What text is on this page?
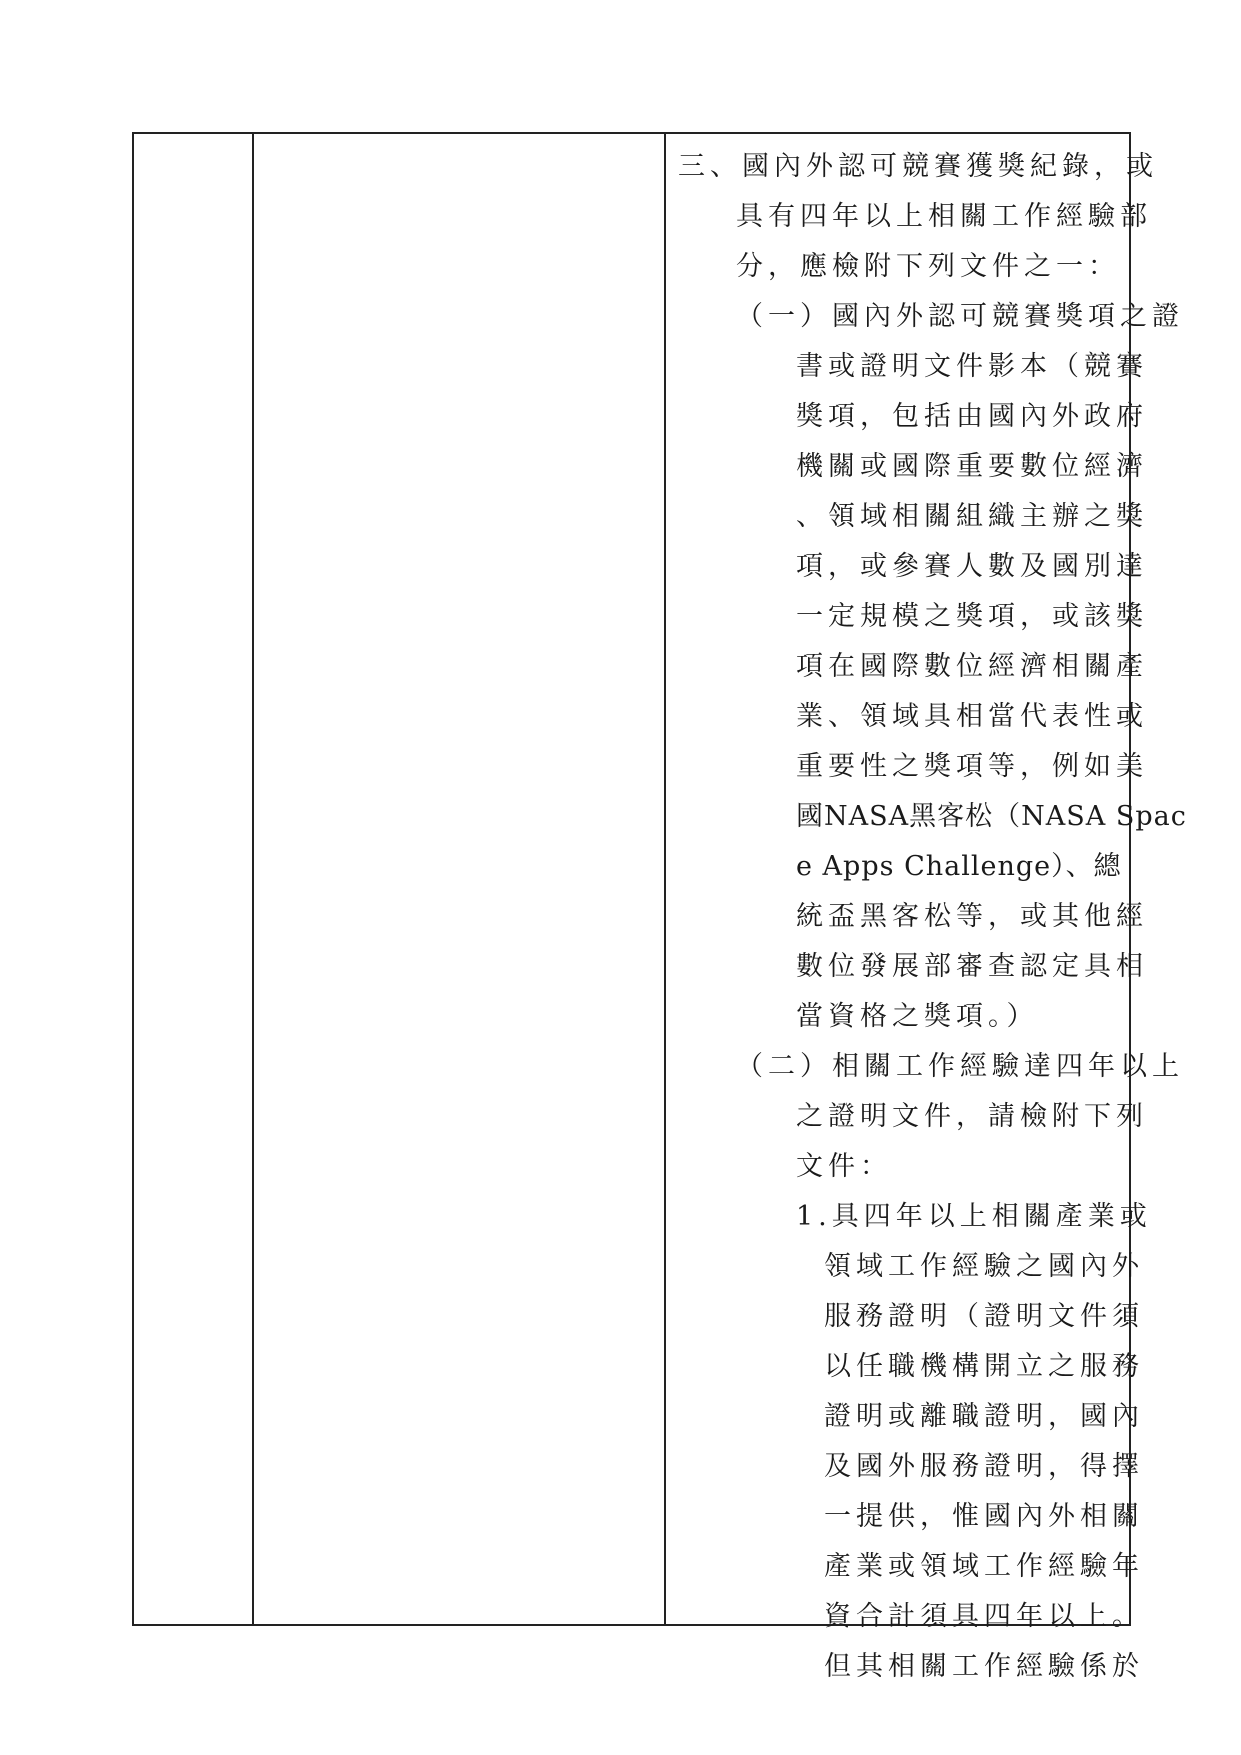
三、國內外認可競賽獲獎紀錄，或
具有四年以上相關工作經驗部
分，應檢附下列文件之一：
（一）國內外認可競賽獎項之證
書或證明文件影本（競賽
獎項，包括由國內外政府
機關或國際重要數位經濟
、領域相關組織主辦之獎
項，或參賽人數及國別達
一定規模之獎項，或該獎
項在國際數位經濟相關產
業、領域具相當代表性或
重要性之獎項等，例如美
國NASA黑客松（NASA Spac
e Apps Challenge）、總
統盃黑客松等，或其他經
數位發展部審查認定具相
當資格之獎項。）
（二）相關工作經驗達四年以上
之證明文件，請檢附下列
文件：
1.具四年以上相關產業或
領域工作經驗之國內外
服務證明（證明文件須
以任職機構開立之服務
證明或離職證明，國內
及國外服務證明，得擇
一提供，惟國內外相關
產業或領域工作經驗年
資合計須具四年以上。
但其相關工作經驗係於
